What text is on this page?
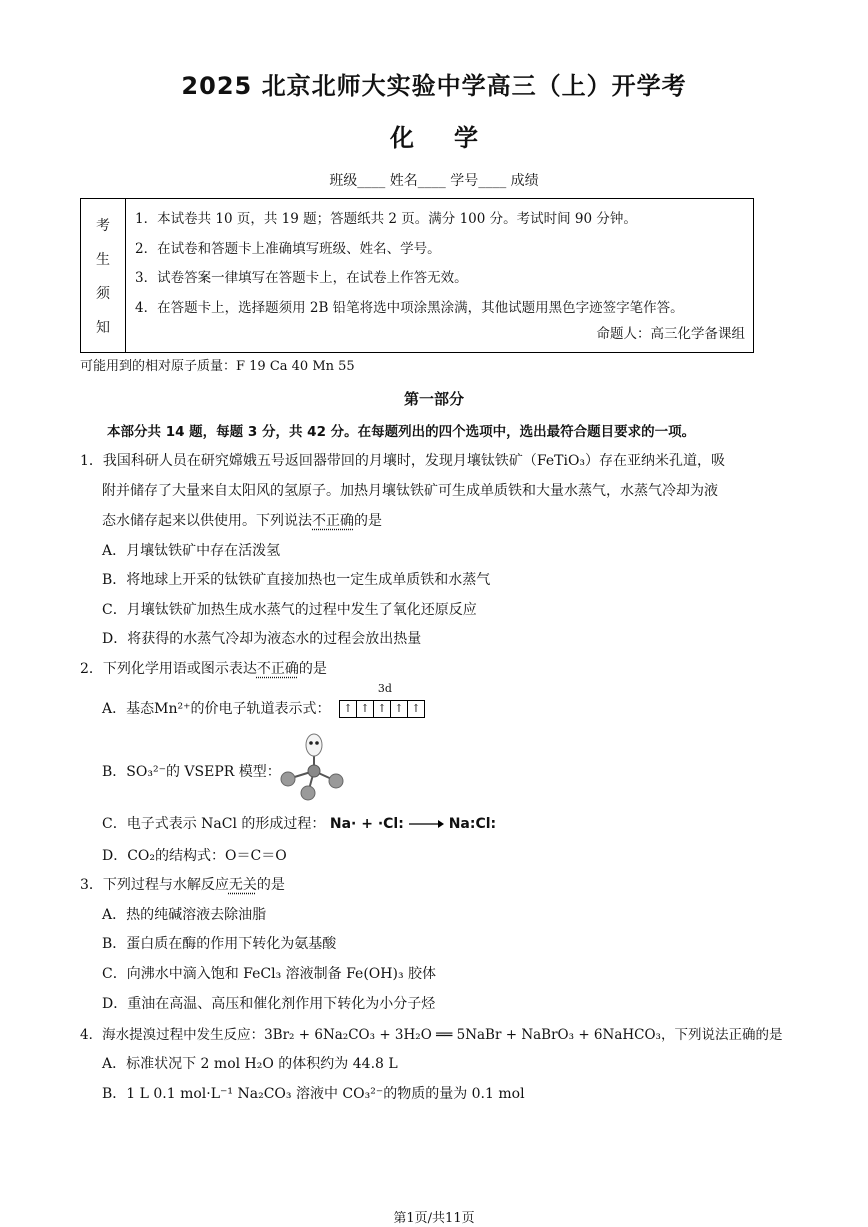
2025 北京北师大实验中学高三（上）开学考
化学
班级____ 姓名____ 学号____ 成绩
考
生
须
知
1．本试卷共 10 页，共 19 题；答题纸共 2 页。满分 100 分。考试时间 90 分钟。
2．在试卷和答题卡上准确填写班级、姓名、学号。
3．试卷答案一律填写在答题卡上，在试卷上作答无效。
4．在答题卡上，选择题须用 2B 铅笔将选中项涂黑涂满，其他试题用黑色字迹签字笔作答。
命题人：高三化学备课组
可能用到的相对原子质量：F 19 Ca 40 Mn 55
第一部分
本部分共 14 题，每题 3 分，共 42 分。在每题列出的四个选项中，选出最符合题目要求的一项。
1．我国科研人员在研究嫦娥五号返回器带回的月壤时，发现月壤钛铁矿（FeTiO₃）存在亚纳米孔道，吸
附并储存了大量来自太阳风的氢原子。加热月壤钛铁矿可生成单质铁和大量水蒸气，水蒸气冷却为液
态水储存起来以供使用。下列说法不正确的是
A．月壤钛铁矿中存在活泼氢
B．将地球上开采的钛铁矿直接加热也一定生成单质铁和水蒸气
C．月壤钛铁矿加热生成水蒸气的过程中发生了氧化还原反应
D．将获得的水蒸气冷却为液态水的过程会放出热量
2．下列化学用语或图示表达不正确的是
A．基态Mn²⁺的价电子轨道表示式：
3d
↑ ↑ ↑ ↑ ↑
B．SO₃²⁻的 VSEPR 模型：
C．电子式表示 NaCl 的形成过程： Na· + ·Cl:	Na:Cl:
D．CO₂的结构式：O＝C＝O
3．下列过程与水解反应无关的是
A．热的纯碱溶液去除油脂
B．蛋白质在酶的作用下转化为氨基酸
C．向沸水中滴入饱和 FeCl₃ 溶液制备 Fe(OH)₃ 胶体
D．重油在高温、高压和催化剂作用下转化为小分子烃
4．海水提溴过程中发生反应：3Br₂ + 6Na₂CO₃ + 3H₂O ══ 5NaBr + NaBrO₃ + 6NaHCO₃，下列说法正确的是
A．标准状况下 2 mol H₂O 的体积约为 44.8 L
B．1 L 0.1 mol·L⁻¹ Na₂CO₃ 溶液中 CO₃²⁻的物质的量为 0.1 mol
第1页/共11页
